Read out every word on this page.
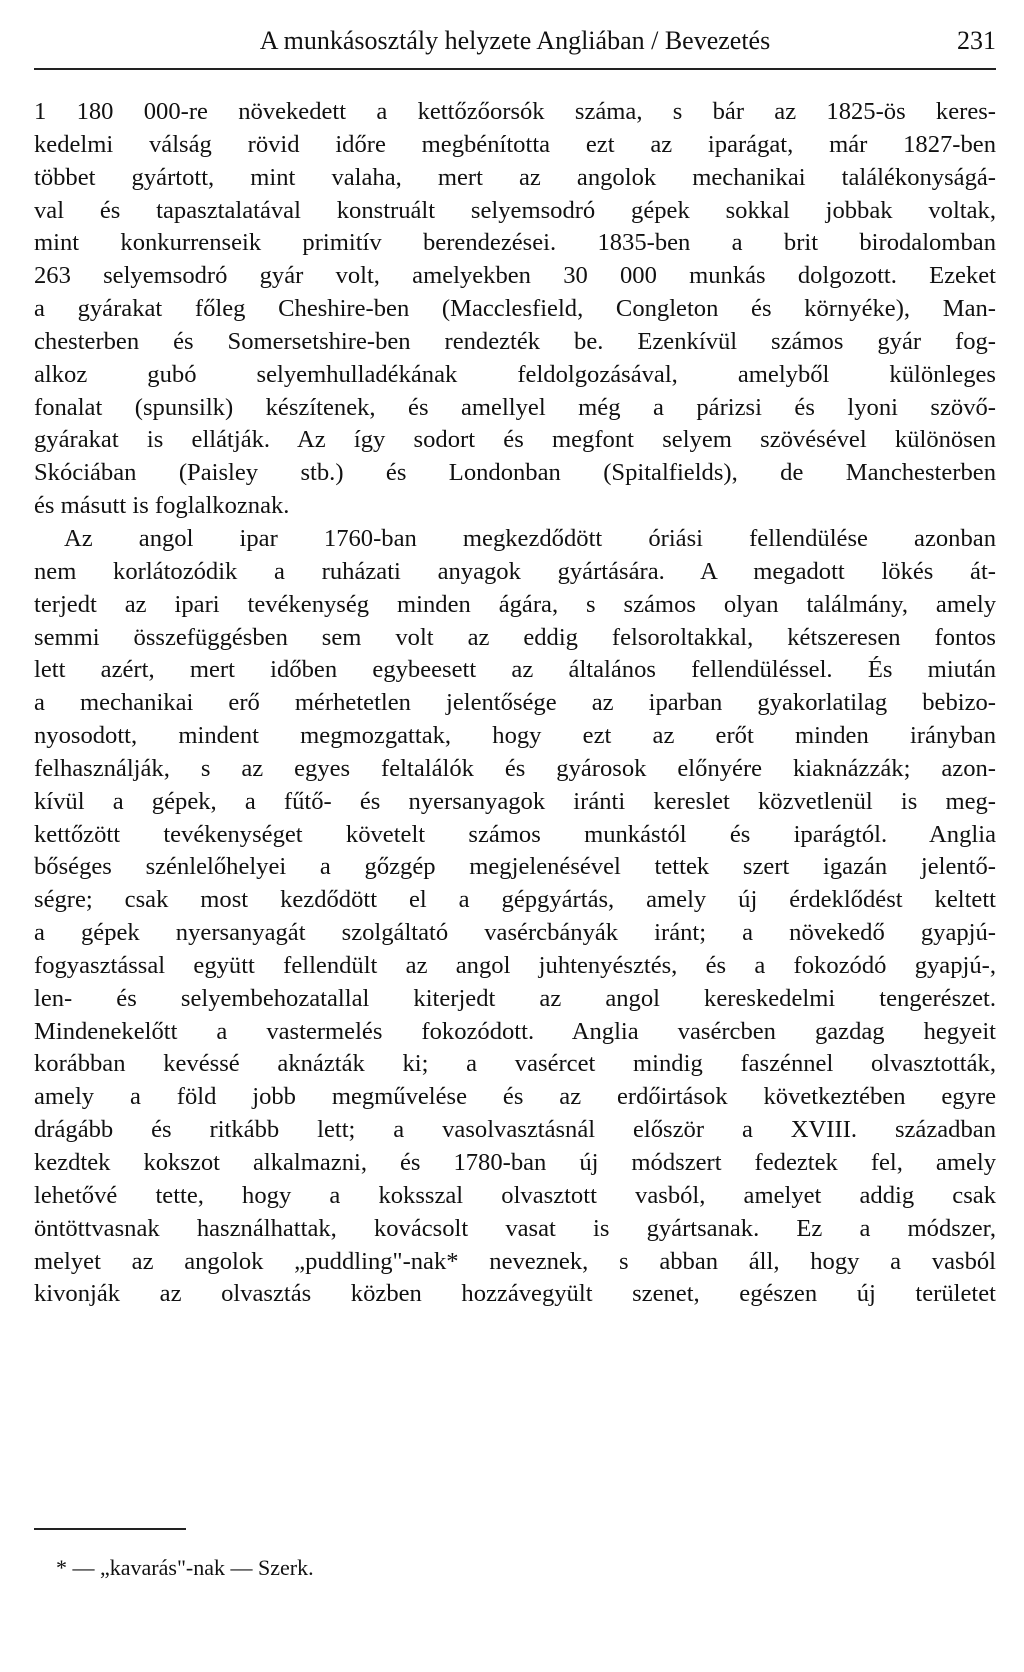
A munkásosztály helyzete Angliában / Bevezetés	231
1 180 000-re növekedett a kettőzőorsók száma, s bár az 1825-ös keres-
kedelmi válság rövid időre megbénította ezt az iparágat, már 1827-ben
többet gyártott, mint valaha, mert az angolok mechanikai találékonyságá-
val és tapasztalatával konstruált selyemsodró gépek sokkal jobbak voltak,
mint konkurrenseik primitív berendezései. 1835-ben a brit birodalomban
263 selyemsodró gyár volt, amelyekben 30 000 munkás dolgozott. Ezeket
a gyárakat főleg Cheshire-ben (Macclesfield, Congleton és környéke), Man-
chesterben és Somersetshire-ben rendezték be. Ezenkívül számos gyár fog-
alkoz gubó selyemhulladékának feldolgozásával, amelyből különleges
fonalat (spunsilk) készítenek, és amellyel még a párizsi és lyoni szövő-
gyárakat is ellátják. Az így sodort és megfont selyem szövésével különösen
Skóciában (Paisley stb.) és Londonban (Spitalfields), de Manchesterben
és másutt is foglalkoznak.
Az angol ipar 1760-ban megkezdődött óriási fellendülése azonban
nem korlátozódik a ruházati anyagok gyártására. A megadott lökés át-
terjedt az ipari tevékenység minden ágára, s számos olyan találmány, amely
semmi összefüggésben sem volt az eddig felsoroltakkal, kétszeresen fontos
lett azért, mert időben egybeesett az általános fellendüléssel. És miután
a mechanikai erő mérhetetlen jelentősége az iparban gyakorlatilag bebizo-
nyosodott, mindent megmozgattak, hogy ezt az erőt minden irányban
felhasználják, s az egyes feltalálók és gyárosok előnyére kiaknázzák; azon-
kívül a gépek, a fűtő- és nyersanyagok iránti kereslet közvetlenül is meg-
kettőzött tevékenységet követelt számos munkástól és iparágtól. Anglia
bőséges szénlelőhelyei a gőzgép megjelenésével tettek szert igazán jelentő-
ségre; csak most kezdődött el a gépgyártás, amely új érdeklődést keltett
a gépek nyersanyagát szolgáltató vasércbányák iránt; a növekedő gyapjú-
fogyasztással együtt fellendült az angol juhtenyésztés, és a fokozódó gyapjú-,
len- és selyembehozatallal kiterjedt az angol kereskedelmi tengerészet.
Mindenekelőtt a vastermelés fokozódott. Anglia vasércben gazdag hegyeit
korábban kevéssé aknázták ki; a vasércet mindig faszénnel olvasztották,
amely a föld jobb megművelése és az erdőirtások következtében egyre
drágább és ritkább lett; a vasolvasztásnál először a XVIII. században
kezdtek kokszot alkalmazni, és 1780-ban új módszert fedeztek fel, amely
lehetővé tette, hogy a koksszal olvasztott vasból, amelyet addig csak
öntöttvasnak használhattak, kovácsolt vasat is gyártsanak. Ez a módszer,
melyet az angolok „puddling"-nak* neveznek, s abban áll, hogy a vasból
kivonják az olvasztás közben hozzávegyült szenet, egészen új területet
* — „kavarás"-nak — Szerk.
